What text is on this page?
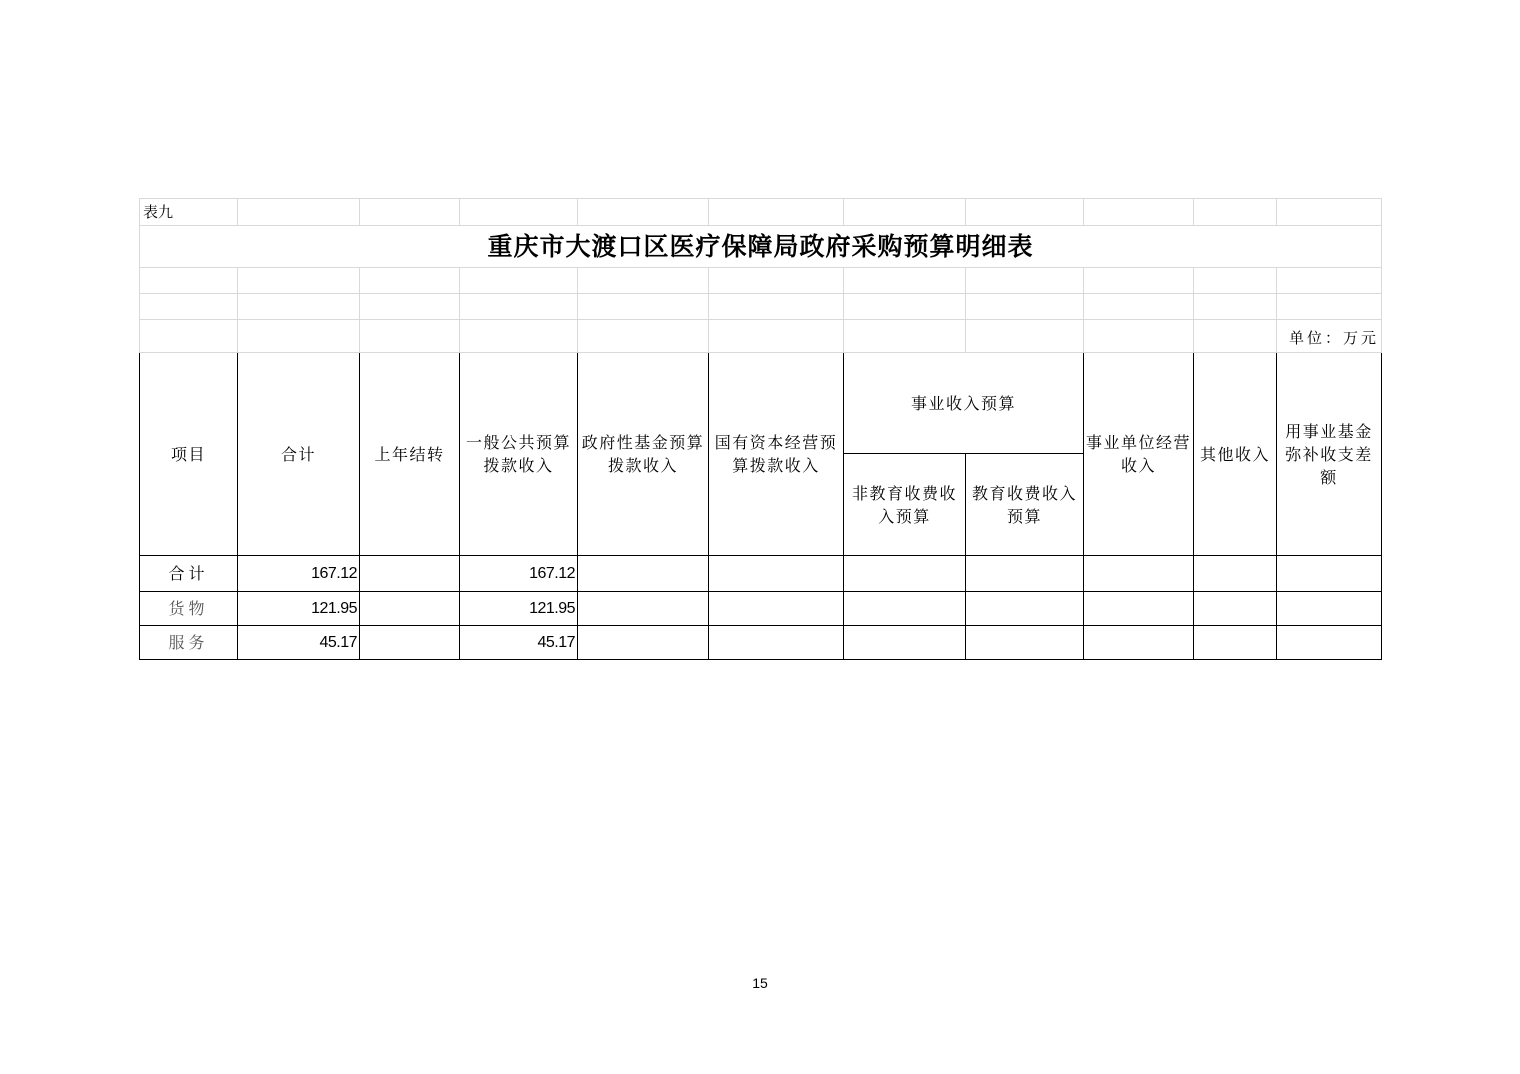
表九										
重庆市大渡口区医疗保障局政府采购预算明细表										

										单位：万元
项目	合计	上年结转	一般公共预算拨款收入	政府性基金预算拨款收入	国有资本经营预算拨款收入	事业收入预算		事业单位经营收入	其他收入	用事业基金弥补收支差额
						非教育收费收入预算	教育收费收入预算			
合计	167.12		167.12							
货物	121.95		121.95							
服务	45.17		45.17							
15
